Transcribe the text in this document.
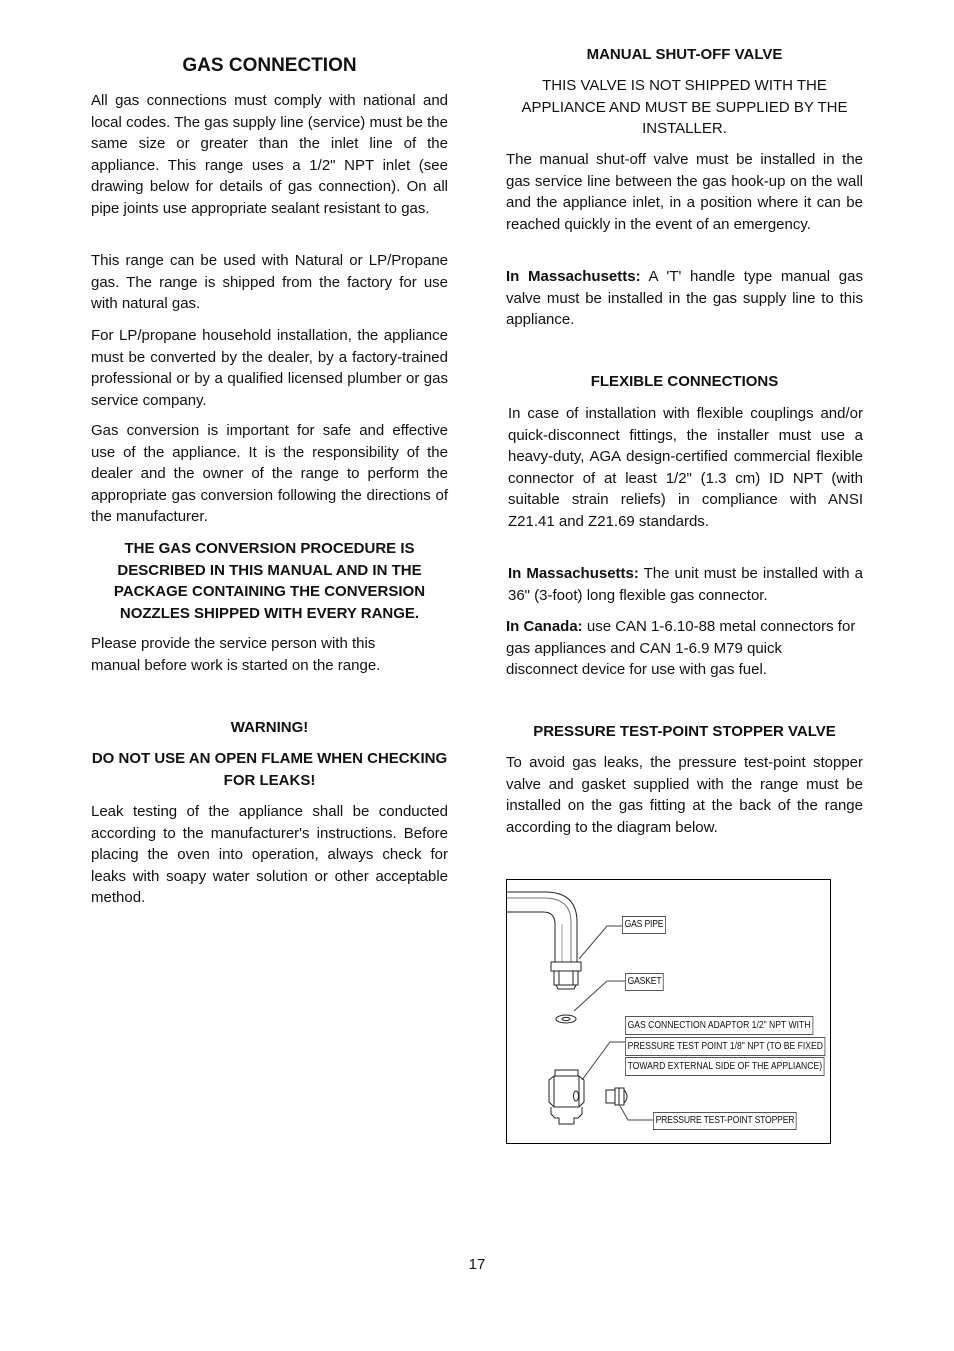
GAS CONNECTION

All gas connections must comply with national and local codes. The gas supply line (service) must be the same size or greater than the inlet line of the appliance. This range uses a 1/2" NPT inlet (see drawing below for details of gas connection). On all pipe joints use appropriate sealant resistant to gas.

This range can be used with Natural or LP/Propane gas. The range is shipped from the factory for use with natural gas.

For LP/propane household installation, the appliance must be converted by the dealer, by a factory-trained professional or by a qualified licensed plumber or gas service company.

Gas conversion is important for safe and effective use of the appliance. It is the responsibility of the dealer and the owner of the range to perform the appropriate gas conversion following the directions of the manufacturer.

THE GAS CONVERSION PROCEDURE IS DESCRIBED IN THIS MANUAL AND IN THE PACKAGE CONTAINING THE CONVERSION NOZZLES SHIPPED WITH EVERY RANGE.

Please provide the service person with this manual before work is started on the range.

WARNING!

DO NOT USE AN OPEN FLAME WHEN CHECKING FOR LEAKS!

Leak testing of the appliance shall be conducted according to the manufacturer's instructions. Before placing the oven into operation, always check for leaks with soapy water solution or other acceptable method.

MANUAL SHUT-OFF VALVE

THIS VALVE IS NOT SHIPPED WITH THE APPLIANCE AND MUST BE SUPPLIED BY THE INSTALLER.

The manual shut-off valve must be installed in the gas service line between the gas hook-up on the wall and the appliance inlet, in a position where it can be reached quickly in the event of an emergency.

In Massachusetts: A 'T' handle type manual gas valve must be installed in the gas supply line to this appliance.

FLEXIBLE CONNECTIONS

In case of installation with flexible couplings and/or quick-disconnect fittings, the installer must use a heavy-duty, AGA design-certified commercial flexible connector of at least 1/2" (1.3 cm) ID NPT (with suitable strain reliefs) in compliance with ANSI Z21.41 and Z21.69 standards.

In Massachusetts: The unit must be installed with a 36" (3-foot) long flexible gas connector.

In Canada: use CAN 1-6.10-88 metal connectors for gas appliances and CAN 1-6.9 M79 quick disconnect device for use with gas fuel.

PRESSURE TEST-POINT STOPPER VALVE

To avoid gas leaks, the pressure test-point stopper valve and gasket supplied with the range must be installed on the gas fitting at the back of the range according to the diagram below.

GAS PIPE
GASKET
GAS CONNECTION ADAPTOR 1/2" NPT WITH
PRESSURE TEST POINT 1/8" NPT (TO BE FIXED
TOWARD EXTERNAL SIDE OF THE APPLIANCE)
PRESSURE TEST-POINT STOPPER
17
